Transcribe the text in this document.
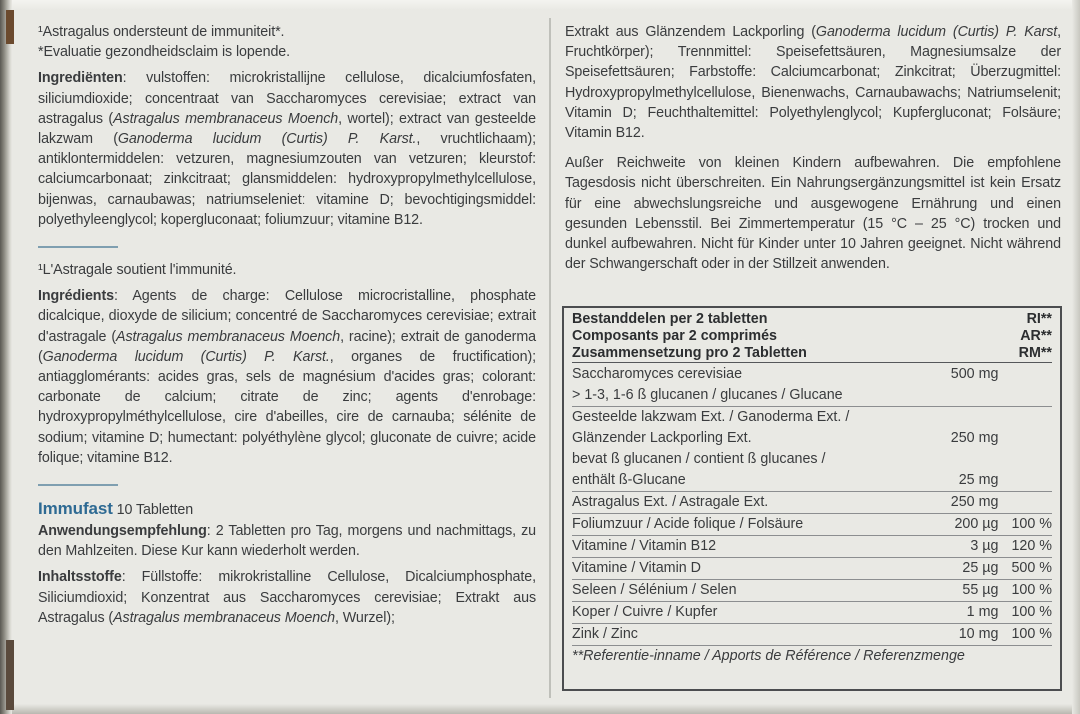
¹Astragalus ondersteunt de immuniteit*.

*Evaluatie gezondheidsclaim is lopende.

Ingrediënten: vulstoffen: microkristallijne cellulose, dicalciumfosfaten, siliciumdioxide; concentraat van Saccharomyces cerevisiae; extract van astragalus (Astragalus membranaceus Moench, wortel); extract van gesteelde lakzwam (Ganoderma lucidum (Curtis) P. Karst., vruchtlichaam); antiklontermiddelen: vetzuren, magnesiumzouten van vetzuren; kleurstof: calciumcarbonaat; zinkcitraat; glansmiddelen: hydroxypropylmethylcellulose, bijenwas, carnaubawas; natriumselenietː vitamine D; bevochtigingsmiddel: polyethyleenglycol; kopergluconaat; foliumzuur; vitamine B12.

¹L'Astragale soutient l'immunité.

Ingrédients: Agents de charge: Cellulose microcristalline, phosphate dicalcique, dioxyde de silicium; concentré de Saccharomyces cerevisiae; extrait d'astragale (Astragalus membranaceus Moench, racine); extrait de ganoderma (Ganoderma lucidum (Curtis) P. Karst., organes de fructification); antiagglomérants: acides gras, sels de magnésium d'acides gras; colorant: carbonate de calcium; citrate de zinc; agents d'enrobage: hydroxypropylméthylcellulose, cire d'abeilles, cire de carnauba; sélénite de sodium; vitamine D; humectant: polyéthylène glycol; gluconate de cuivre; acide folique; vitamine B12.

Immufast 10 Tabletten

Anwendungsempfehlung: 2 Tabletten pro Tag, morgens und nachmittags, zu den Mahlzeiten. Diese Kur kann wiederholt werden.

Inhaltsstoffe: Füllstoffe: mikrokristalline Cellulose, Dicalciumphosphate, Siliciumdioxid; Konzentrat aus Saccharomyces cerevisiae; Extrakt aus Astragalus (Astragalus membranaceus Moench, Wurzel);

Extrakt aus Glänzendem Lackporling (Ganoderma lucidum (Curtis) P. Karst, Fruchtkörper); Trennmittel: Speisefettsäuren, Magnesiumsalze der Speisefettsäuren; Farbstoffe: Calciumcarbonat; Zinkcitrat; Überzugmittel: Hydroxypropylmethylcellulose, Bienenwachs, Carnaubawachs; Natriumselenit; Vitamin D; Feuchthaltemittel: Polyethylenglycol; Kupfergluconat; Folsäure; Vitamin B12.

Außer Reichweite von kleinen Kindern aufbewahren. Die empfohlene Tagesdosis nicht überschreiten. Ein Nahrungsergänzungsmittel ist kein Ersatz für eine abwechslungsreiche und ausgewogene Ernährung und einen gesunden Lebensstil. Bei Zimmertemperatur (15 °C – 25 °C) trocken und dunkel aufbewahren. Nicht für Kinder unter 10 Jahren geeignet. Nicht während der Schwangerschaft oder in der Stillzeit anwenden.

Bestanddelen per 2 tabletten	RI**
Composants par 2 comprimés	AR**
Zusammensetzung pro 2 Tabletten	RM**
Saccharomyces cerevisiae	500 mg
> 1-3, 1-6 ß glucanen / glucanes / Glucane
Gesteelde lakzwam Ext. / Ganoderma Ext. /
Glänzender Lackporling Ext.	250 mg
bevat ß glucanen / contient ß glucanes /
enthält ß-Glucane	25 mg
Astragalus Ext. / Astragale Ext.	250 mg
Foliumzuur / Acide folique / Folsäure	200 µg 100 %
Vitamine / Vitamin B12	3 µg 120 %
Vitamine / Vitamin D	25 µg 500 %
Seleen / Sélénium / Selen	55 µg 100 %
Koper / Cuivre / Kupfer	1 mg 100 %
Zink / Zinc	10 mg 100 %

**Referentie-inname / Apports de Référence / Referenzmenge
